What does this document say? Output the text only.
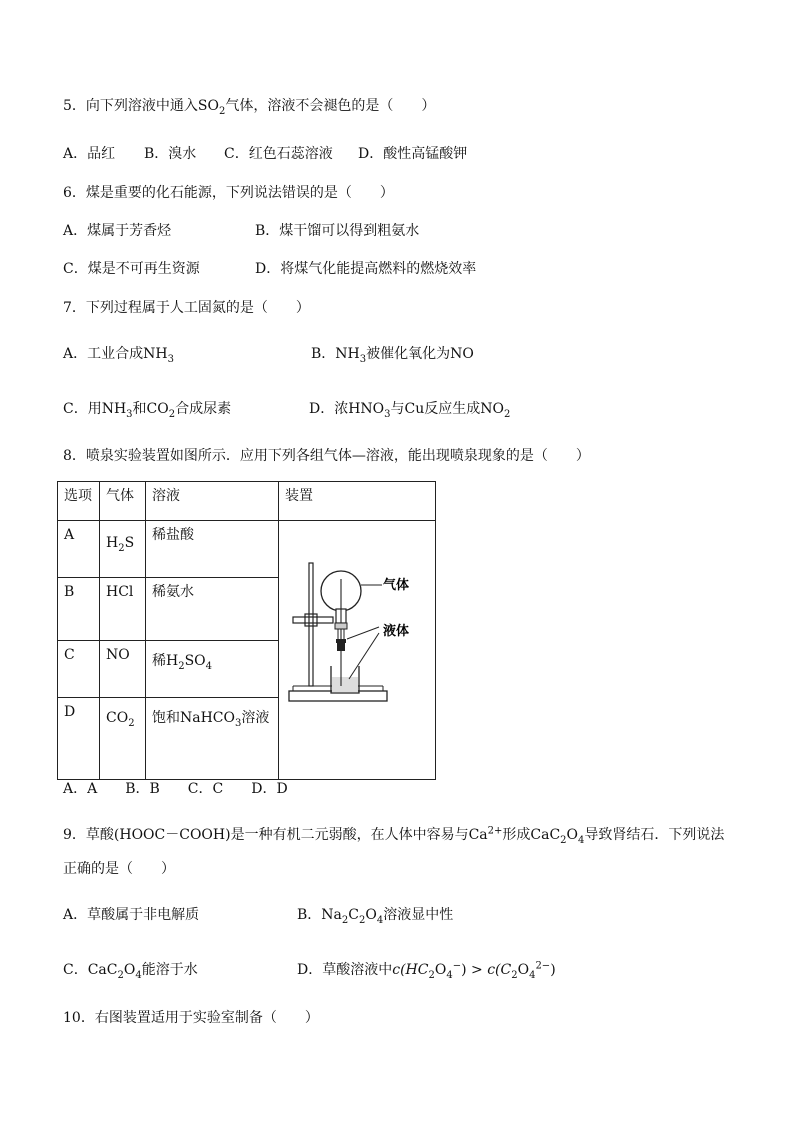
5．向下列溶液中通入$SO_2$气体，溶液不会褪色的是（　　）
A．品红 B．溴水 C．红色石蕊溶液 D．酸性高锰酸钾
6．煤是重要的化石能源，下列说法错误的是（　　）
A．煤属于芳香烃	B．煤干馏可以得到粗氨水
C．煤是不可再生资源	D．将煤气化能提高燃料的燃烧效率
7．下列过程属于人工固氮的是（　　）
A．工业合成$NH_3$	B．$NH_3$被催化氧化为NO
C．用$NH_3$和$CO_2$合成尿素	D．浓$HNO_3$与Cu反应生成$NO_2$
8．喷泉实验装置如图所示．应用下列各组气体—溶液，能出现喷泉现象的是（　　）
选项	气体	溶液	装置
A	$H_2S$	稀盐酸	气体
液体

B	HCl	稀氨水	
C	NO	稀$H_2SO_4$
D	$CO_2$	饱和NaHCO$_3$溶液	
A．A　　B．B　　C．C　　D．D
9．草酸(HOOC－COOH)是一种有机二元弱酸，在人体中容易与$Ca^{2+}$形成$CaC_2O_4$导致肾结石．下列说法
正确的是（　　）
A．草酸属于非电解质	B．$Na_2C_2O_4$溶液显中性
C．$CaC_2O_4$能溶于水	D．草酸溶液中$c(HC_2O_4^-) > c(C_2O_4^{2-})$
10．右图装置适用于实验室制备（　　）
